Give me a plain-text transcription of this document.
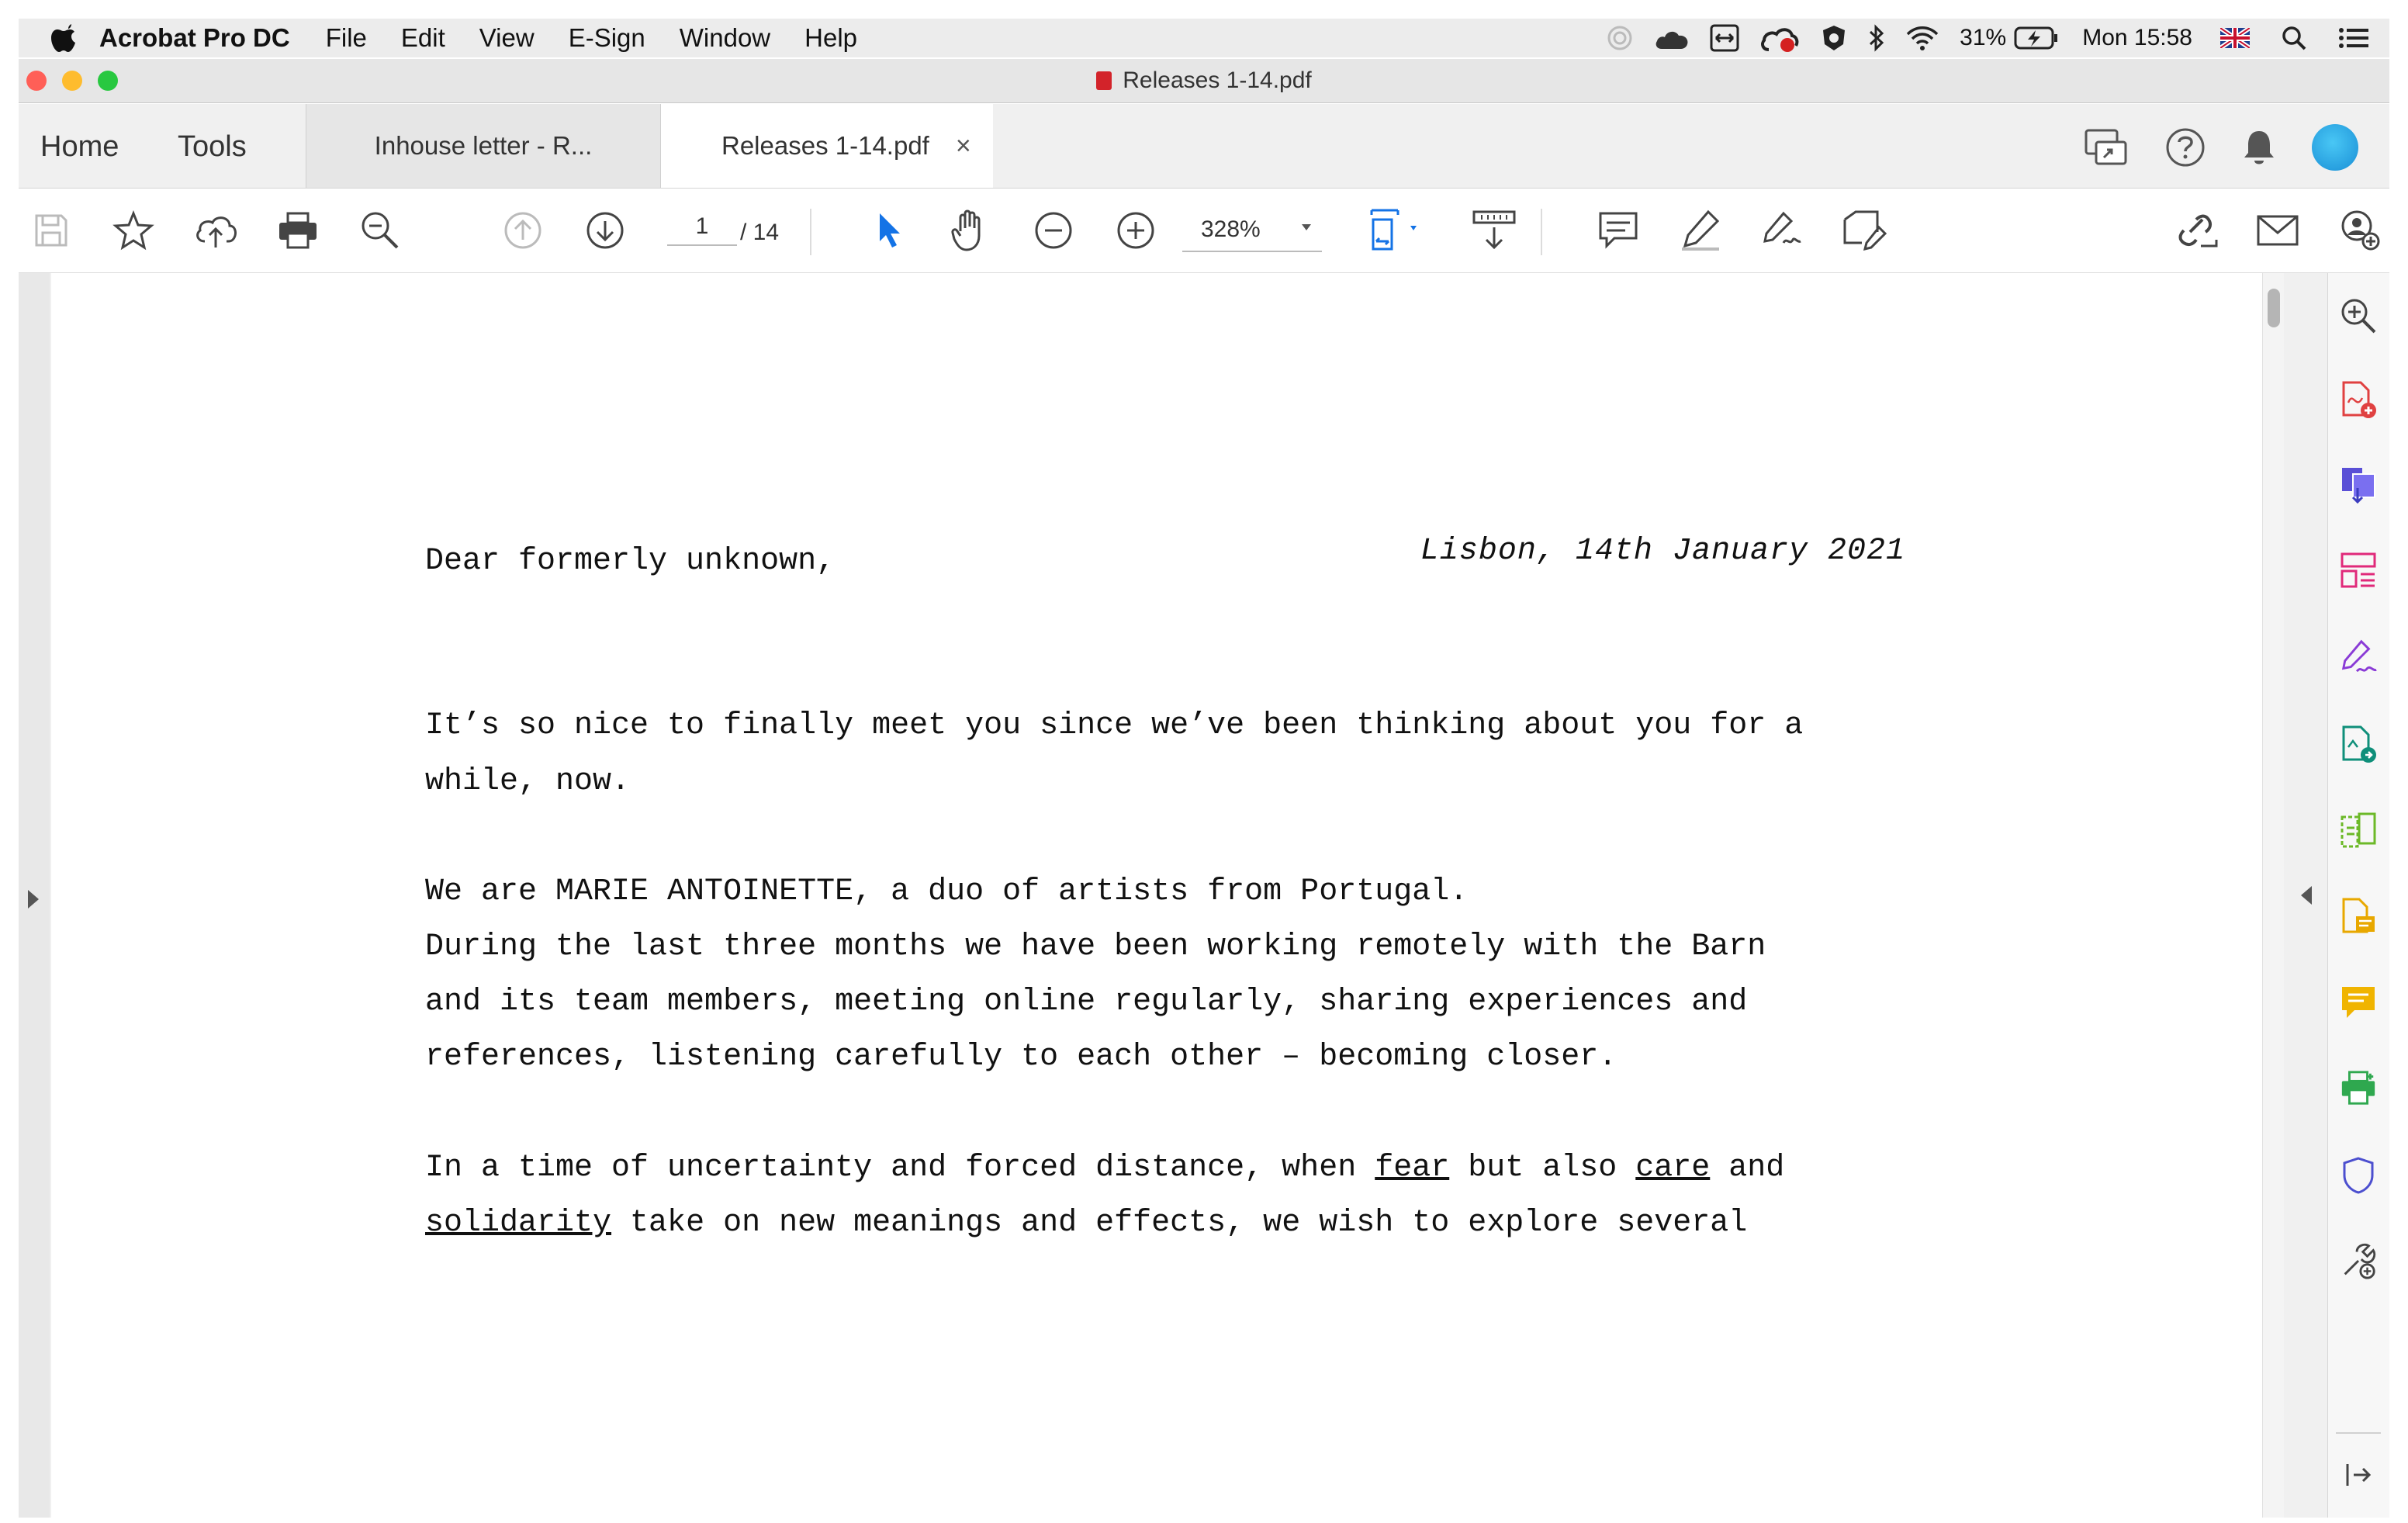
Acrobat Pro DC File Edit View E-Sign Window Help	31%	Mon 15:58
Releases 1-14.pdf
Home Tools	Inhouse letter - R...	Releases 1-14.pdf ×
1	/ 14	328%
Lisbon, 14th January 2021
Dear formerly unknown,
It’s so nice to finally meet you since we’ve been thinking about you for a
while, now.
We are MARIE ANTOINETTE, a duo of artists from Portugal.
During the last three months we have been working remotely with the Barn
and its team members, meeting online regularly, sharing experiences and
references, listening carefully to each other – becoming closer.
In a time of uncertainty and forced distance, when fear but also care and
solidarity take on new meanings and effects, we wish to explore several
